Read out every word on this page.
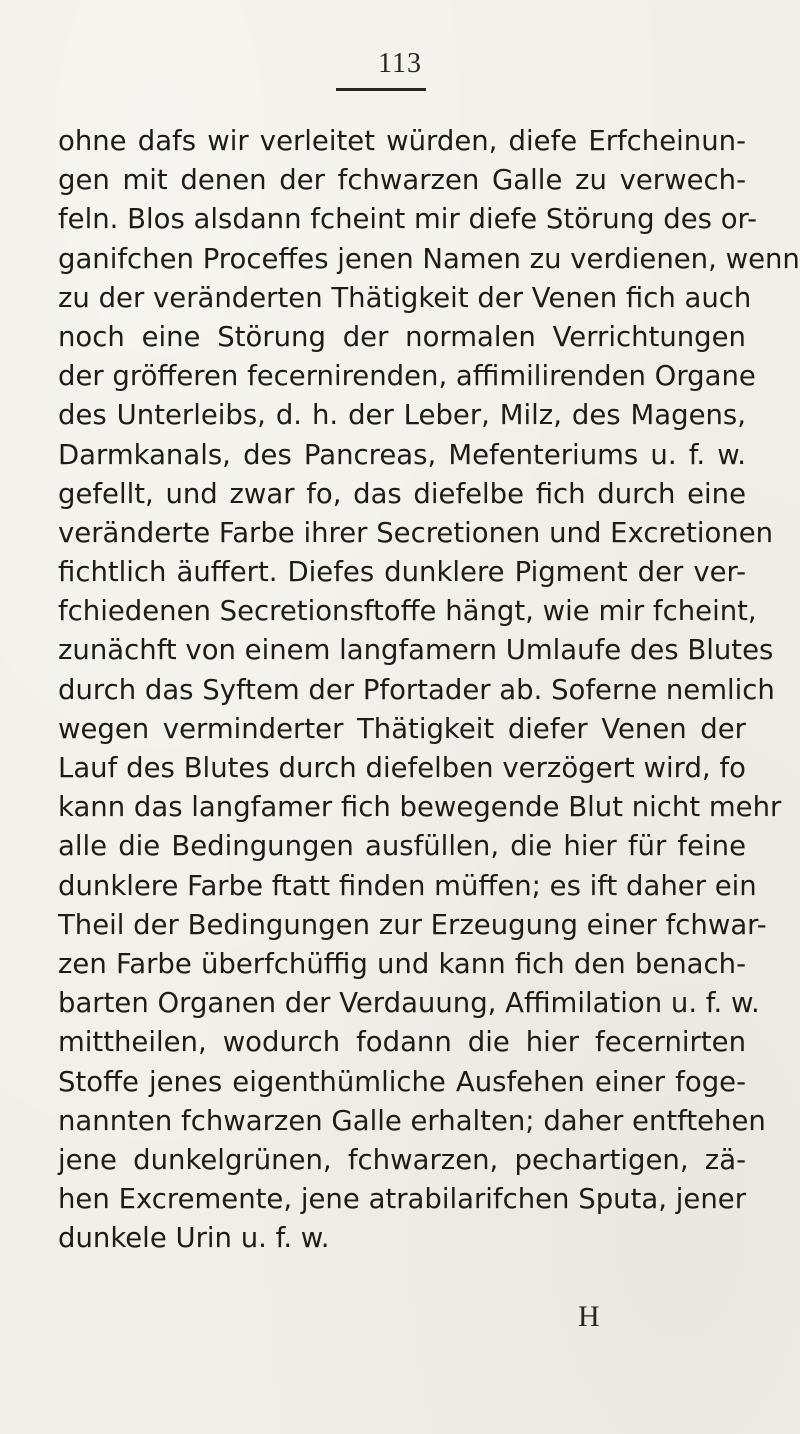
113
ohne dafs wir verleitet würden, diefe Erfcheinun-
gen mit denen der fchwarzen Galle zu verwech-
feln. Blos alsdann fcheint mir diefe Störung des or-
ganifchen Proceffes jenen Namen zu verdienen, wenn
zu der veränderten Thätigkeit der Venen fich auch
noch eine Störung der normalen Verrichtungen
der gröfferen fecernirenden, affimilirenden Organe
des Unterleibs, d. h. der Leber, Milz, des Magens,
Darmkanals, des Pancreas, Mefenteriums u. f. w.
gefellt, und zwar fo, das diefelbe fich durch eine
veränderte Farbe ihrer Secretionen und Excretionen
fichtlich äuffert. Diefes dunklere Pigment der ver-
fchiedenen Secretionsftoffe hängt, wie mir fcheint,
zunächft von einem langfamern Umlaufe des Blutes
durch das Syftem der Pfortader ab. Soferne nemlich
wegen verminderter Thätigkeit diefer Venen der
Lauf des Blutes durch diefelben verzögert wird, fo
kann das langfamer fich bewegende Blut nicht mehr
alle die Bedingungen ausfüllen, die hier für feine
dunklere Farbe ftatt finden müffen; es ift daher ein
Theil der Bedingungen zur Erzeugung einer fchwar-
zen Farbe überfchüffig und kann fich den benach-
barten Organen der Verdauung, Affimilation u. f. w.
mittheilen, wodurch fodann die hier fecernirten
Stoffe jenes eigenthümliche Ausfehen einer foge-
nannten fchwarzen Galle erhalten; daher entftehen
jene dunkelgrünen, fchwarzen, pechartigen, zä-
hen Excremente, jene atrabilarifchen Sputa, jener
dunkele Urin u. f. w.
H
